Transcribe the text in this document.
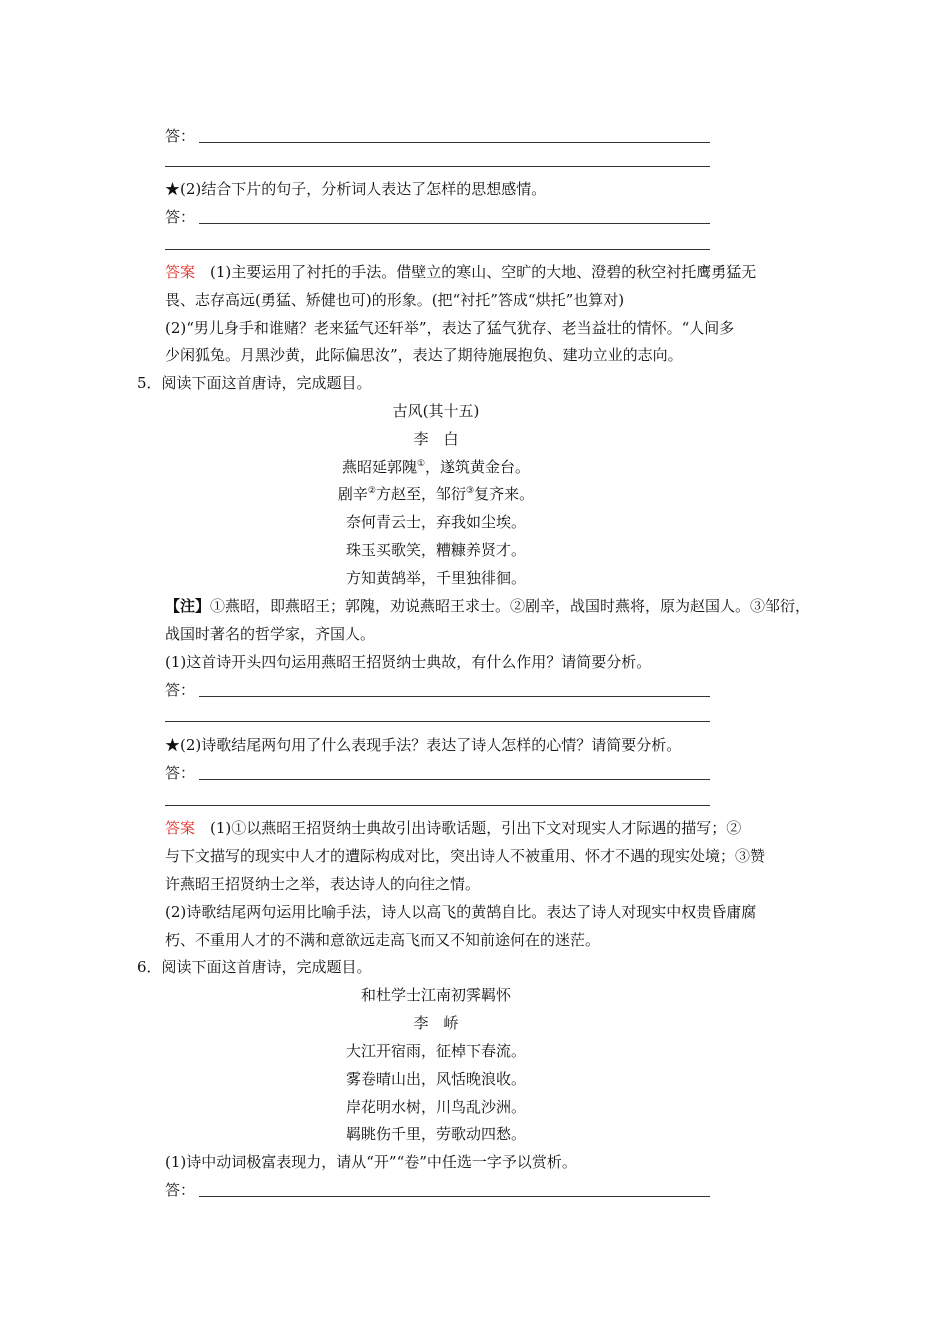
答：
★(2)结合下片的句子，分析词人表达了怎样的思想感情。
答：
答案　 (1)主要运用了衬托的手法。借壁立的寒山、空旷的大地、澄碧的秋空衬托鹰勇猛无
畏、志存高远(勇猛、矫健也可)的形象。(把“衬托”答成“烘托”也算对)
(2)“男儿身手和谁赌？老来猛气还轩举”，表达了猛气犹存、老当益壮的情怀。“人间多
少闲狐兔。月黑沙黄，此际偏思汝”，表达了期待施展抱负、建功立业的志向。
5．阅读下面这首唐诗，完成题目。
古风(其十五)
李　白
燕昭延郭隗①，遂筑黄金台。
剧辛②方赵至，邹衍③复齐来。
奈何青云士，弃我如尘埃。
珠玉买歌笑，糟糠养贤才。
方知黄鹄举，千里独徘徊。
【注】①燕昭，即燕昭王；郭隗，劝说燕昭王求士。②剧辛，战国时燕将，原为赵国人。③邹衍，
战国时著名的哲学家，齐国人。
(1)这首诗开头四句运用燕昭王招贤纳士典故，有什么作用？请简要分析。
答：
★(2)诗歌结尾两句用了什么表现手法？表达了诗人怎样的心情？请简要分析。
答：
答案　 (1)①以燕昭王招贤纳士典故引出诗歌话题，引出下文对现实人才际遇的描写；②
与下文描写的现实中人才的遭际构成对比，突出诗人不被重用、怀才不遇的现实处境；③赞
许燕昭王招贤纳士之举，表达诗人的向往之情。
(2)诗歌结尾两句运用比喻手法，诗人以高飞的黄鹄自比。表达了诗人对现实中权贵昏庸腐
朽、不重用人才的不满和意欲远走高飞而又不知前途何在的迷茫。
6．阅读下面这首唐诗，完成题目。
和杜学士江南初霁羁怀
李　峤
大江开宿雨，征棹下春流。
雾卷晴山出，风恬晚浪收。
岸花明水树，川鸟乱沙洲。
羁眺伤千里，劳歌动四愁。
(1)诗中动词极富表现力，请从“开”“卷”中任选一字予以赏析。
答：
